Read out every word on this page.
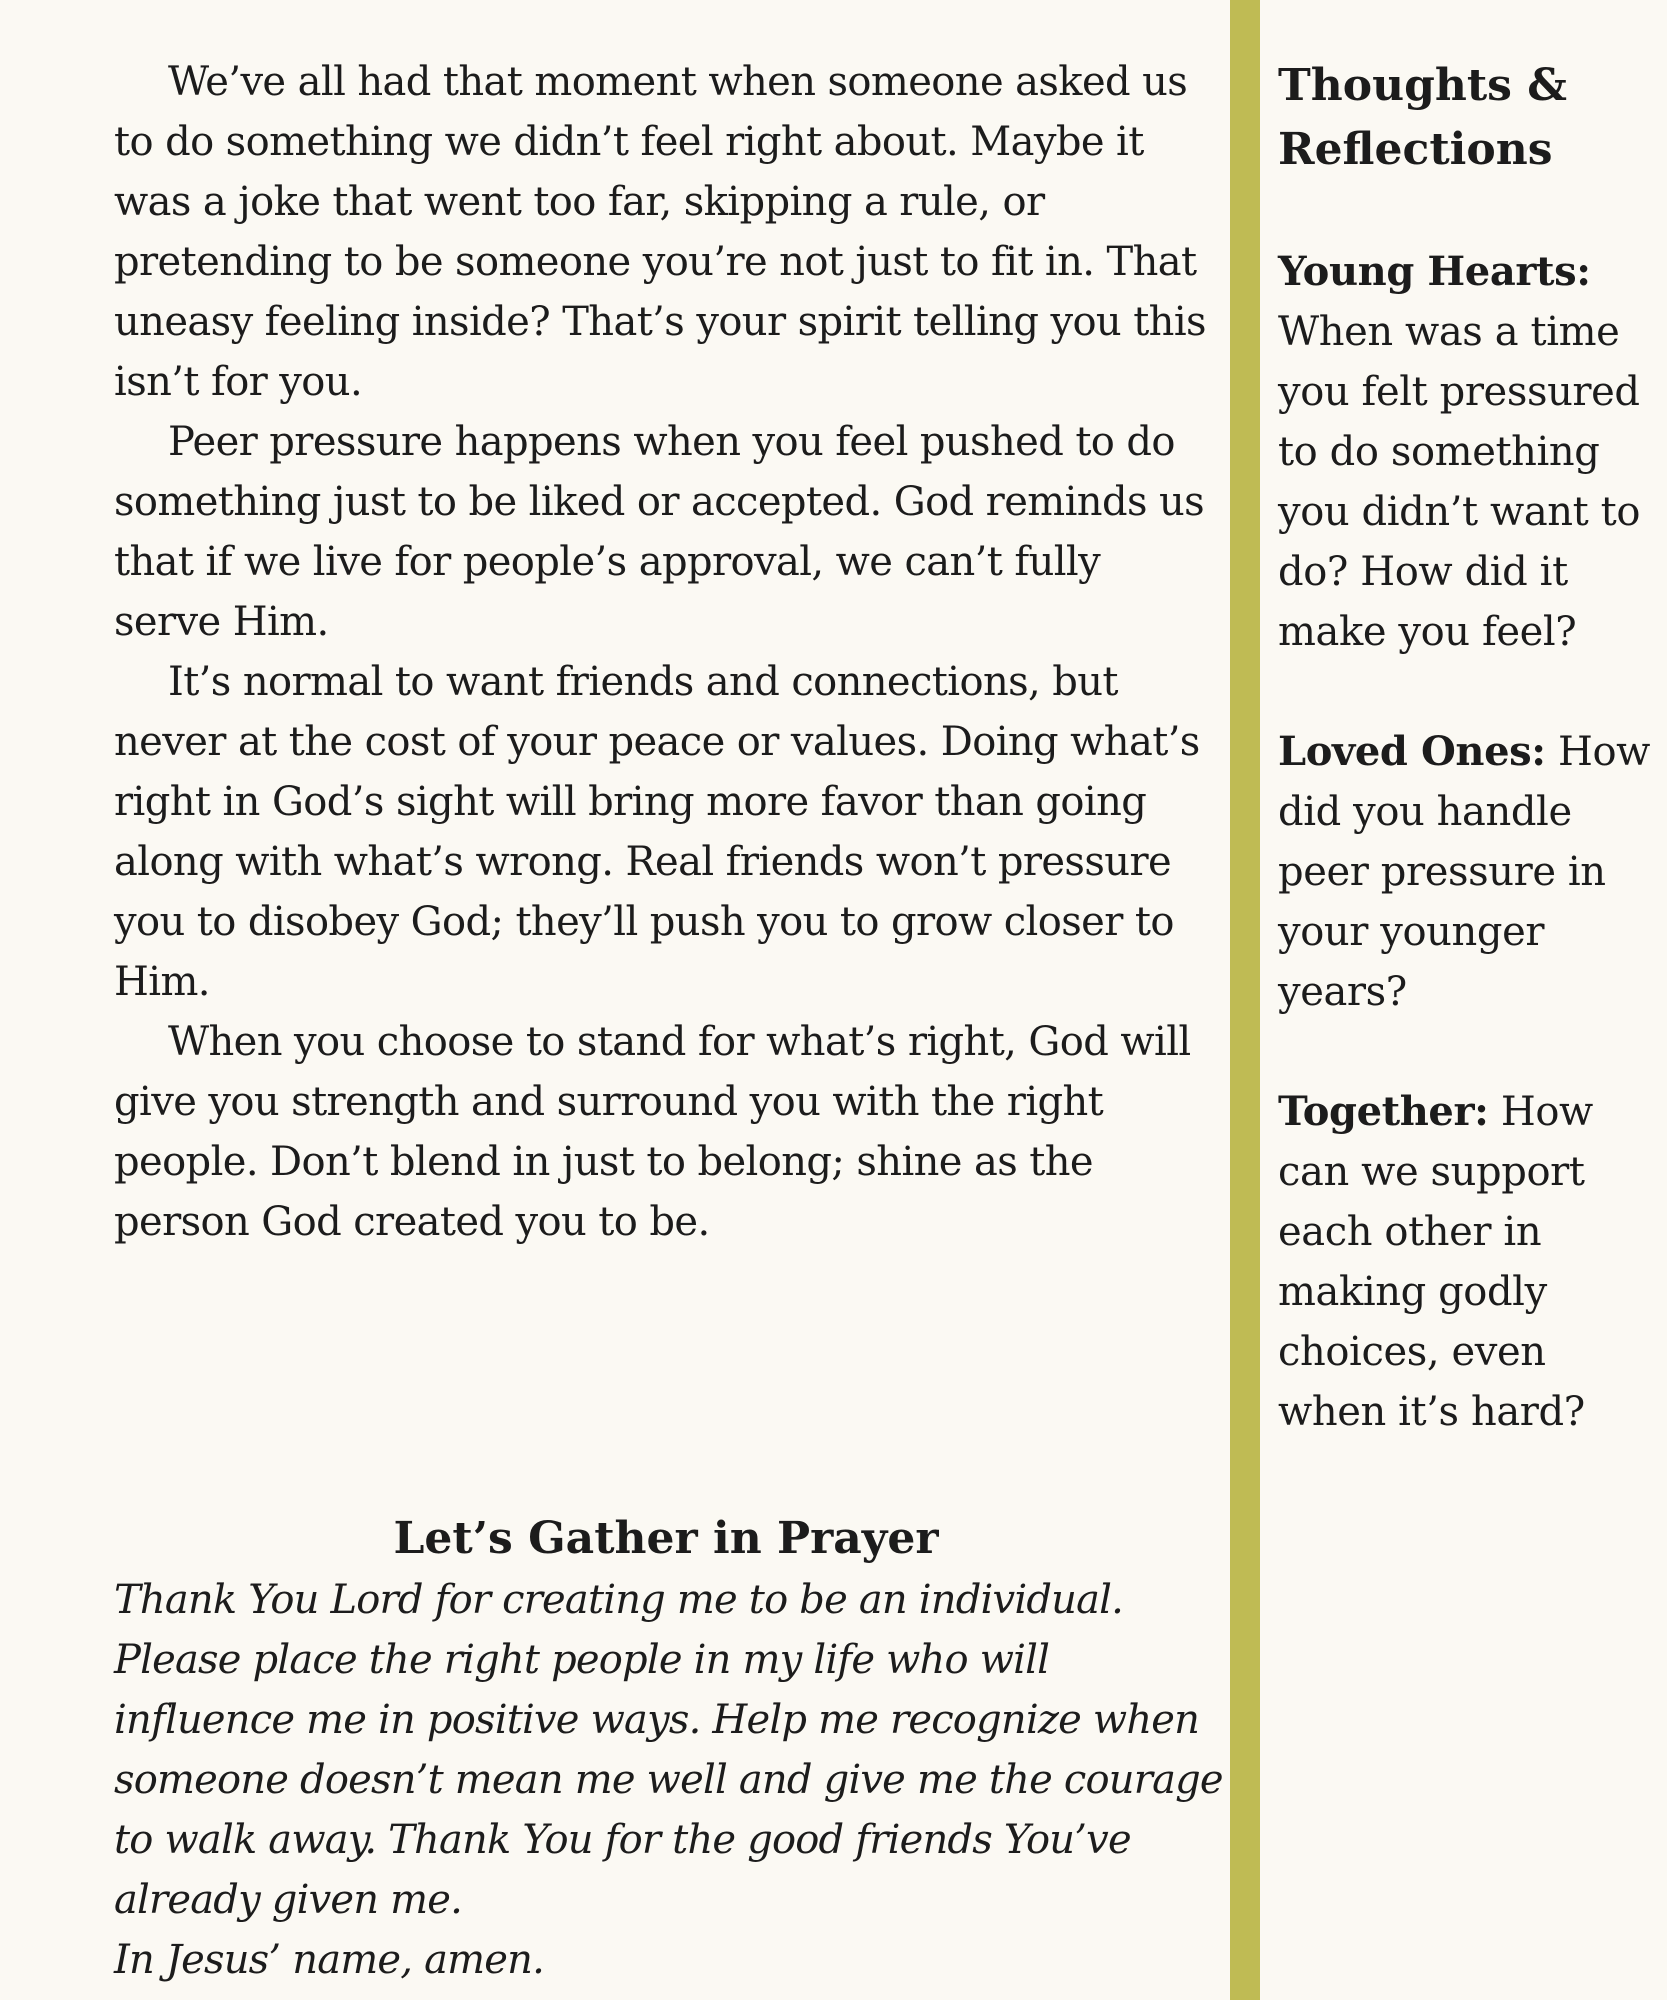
We’ve all had that moment when someone asked us to do something we didn’t feel right about. Maybe it was a joke that went too far, skipping a rule, or pretending to be someone you’re not just to fit in. That uneasy feeling inside? That’s your spirit telling you this isn’t for you.

Peer pressure happens when you feel pushed to do something just to be liked or accepted. God reminds us that if we live for people’s approval, we can’t fully serve Him.

It’s normal to want friends and connections, but never at the cost of your peace or values. Doing what’s right in God’s sight will bring more favor than going along with what’s wrong. Real friends won’t pressure you to disobey God; they’ll push you to grow closer to Him.

When you choose to stand for what’s right, God will give you strength and surround you with the right people. Don’t blend in just to belong; shine as the person God created you to be.

Let’s Gather in Prayer

Thank You Lord for creating me to be an individual. Please place the right people in my life who will influence me in positive ways. Help me recognize when someone doesn’t mean me well and give me the courage to walk away. Thank You for the good friends You’ve already given me.

In Jesus’ name, amen.

Thoughts & Reflections

Young Hearts: When was a time you felt pressured to do something you didn’t want to do? How did it make you feel?

Loved Ones: How did you handle peer pressure in your younger years?

Together: How can we support each other in making godly choices, even when it’s hard?
